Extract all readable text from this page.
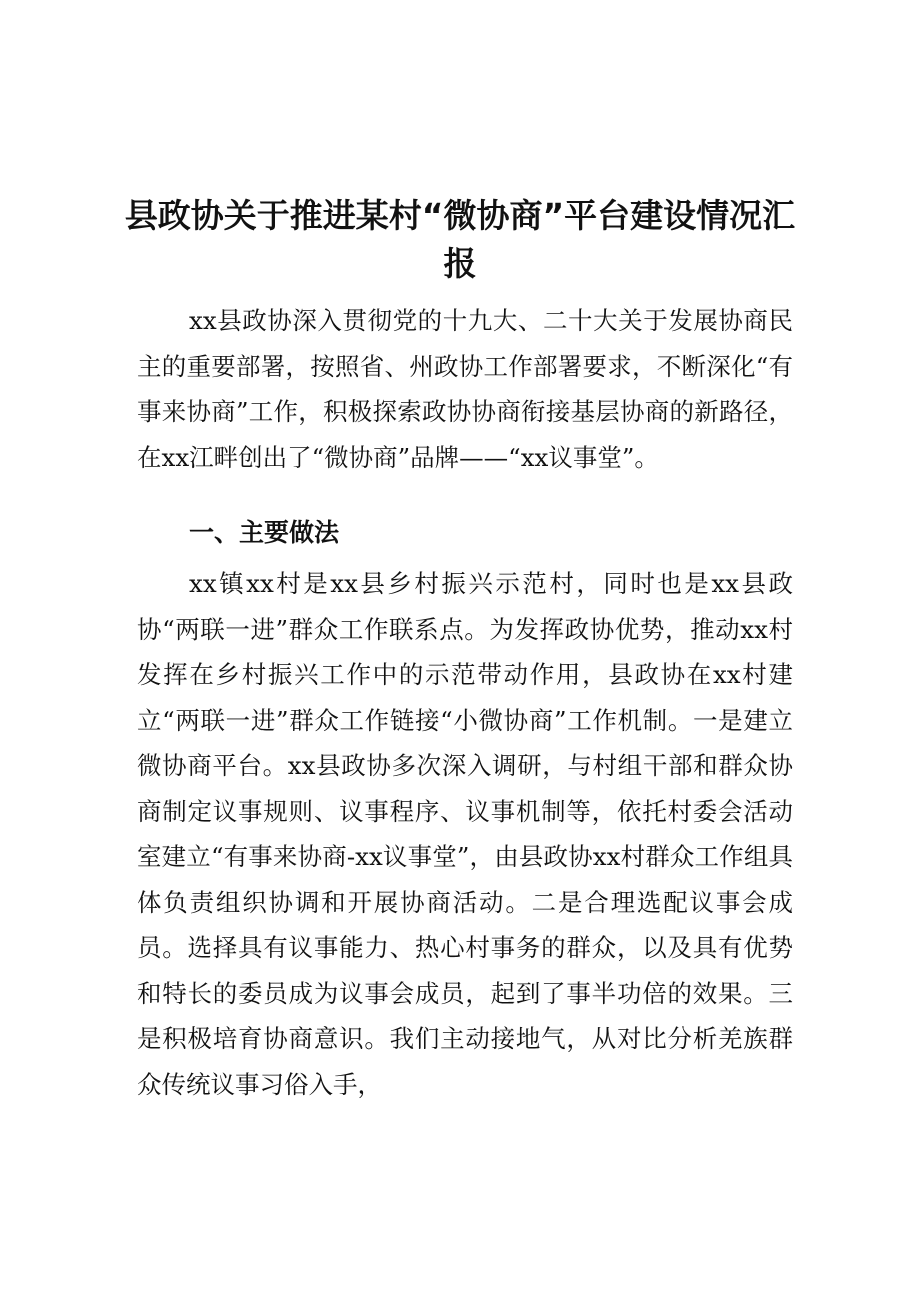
县政协关于推进某村“微协商”平台建设情况汇报

xx县政协深入贯彻党的十九大、二十大关于发展协商民主的重要部署，按照省、州政协工作部署要求，不断深化“有事来协商”工作，积极探索政协协商衔接基层协商的新路径，在xx江畔创出了“微协商”品牌——“xx议事堂”。

一、主要做法

xx镇xx村是xx县乡村振兴示范村，同时也是xx县政协“两联一进”群众工作联系点。为发挥政协优势，推动xx村发挥在乡村振兴工作中的示范带动作用，县政协在xx村建立“两联一进”群众工作链接“小微协商”工作机制。一是建立微协商平台。xx县政协多次深入调研，与村组干部和群众协商制定议事规则、议事程序、议事机制等，依托村委会活动室建立“有事来协商-xx议事堂”，由县政协xx村群众工作组具体负责组织协调和开展协商活动。二是合理选配议事会成员。选择具有议事能力、热心村事务的群众，以及具有优势和特长的委员成为议事会成员，起到了事半功倍的效果。三是积极培育协商意识。我们主动接地气，从对比分析羌族群众传统议事习俗入手，
